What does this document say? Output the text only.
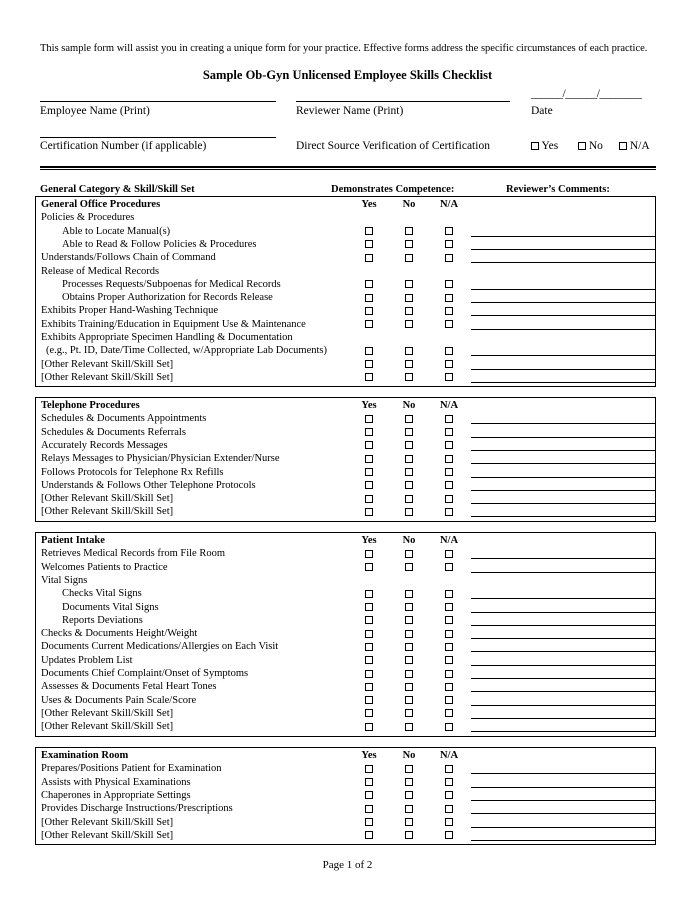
This sample form will assist you in creating a unique form for your practice. Effective forms address the specific circumstances of each practice.
Sample Ob-Gyn Unlicensed Employee Skills Checklist
Employee Name (Print)	Reviewer Name (Print)
______/______/________
Date
Certification Number (if applicable)	Direct Source Verification of Certification	Yes	No	N/A
General Category & Skill/Skill Set	Demonstrates Competence:	Reviewer’s Comments:
General Office Procedures	Yes	No	N/A
Policies & Procedures
Able to Locate Manual(s)
Able to Read & Follow Policies & Procedures
Understands/Follows Chain of Command
Release of Medical Records
Processes Requests/Subpoenas for Medical Records
Obtains Proper Authorization for Records Release
Exhibits Proper Hand-Washing Technique
Exhibits Training/Education in Equipment Use & Maintenance
Exhibits Appropriate Specimen Handling & Documentation
(e.g., Pt. ID, Date/Time Collected, w/Appropriate Lab Documents)
[Other Relevant Skill/Skill Set]
[Other Relevant Skill/Skill Set]
Telephone Procedures	Yes	No	N/A
Schedules & Documents Appointments
Schedules & Documents Referrals
Accurately Records Messages
Relays Messages to Physician/Physician Extender/Nurse
Follows Protocols for Telephone Rx Refills
Understands & Follows Other Telephone Protocols
[Other Relevant Skill/Skill Set]
[Other Relevant Skill/Skill Set]
Patient Intake	Yes	No	N/A
Retrieves Medical Records from File Room
Welcomes Patients to Practice
Vital Signs
Checks Vital Signs
Documents Vital Signs
Reports Deviations
Checks & Documents Height/Weight
Documents Current Medications/Allergies on Each Visit
Updates Problem List
Documents Chief Complaint/Onset of Symptoms
Assesses & Documents Fetal Heart Tones
Uses & Documents Pain Scale/Score
[Other Relevant Skill/Skill Set]
[Other Relevant Skill/Skill Set]
Examination Room	Yes	No	N/A
Prepares/Positions Patient for Examination
Assists with Physical Examinations
Chaperones in Appropriate Settings
Provides Discharge Instructions/Prescriptions
[Other Relevant Skill/Skill Set]
[Other Relevant Skill/Skill Set]
Page 1 of 2
